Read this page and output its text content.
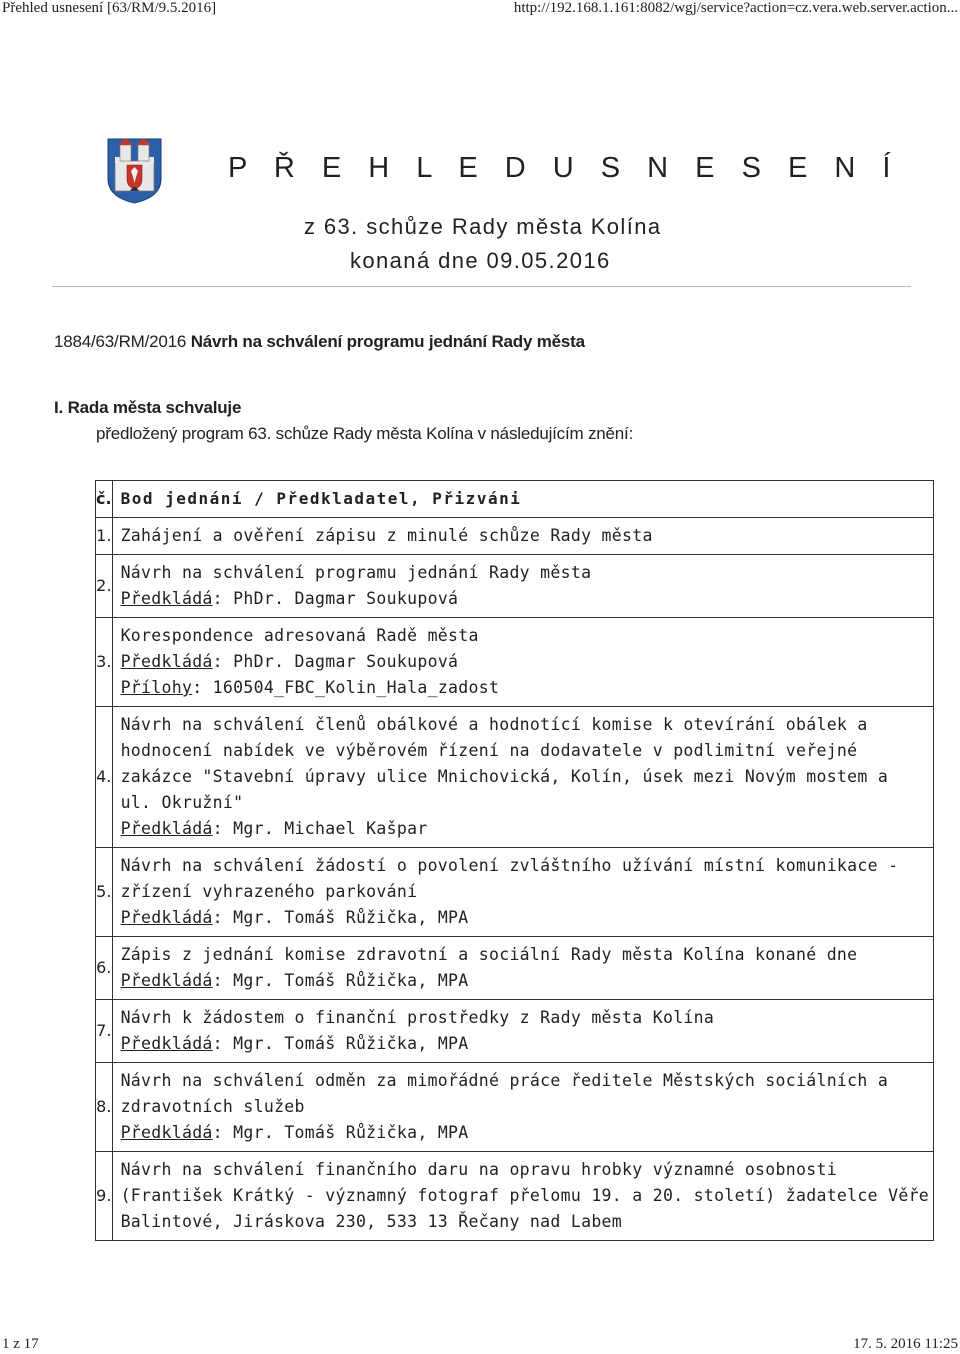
Přehled usnesení [63/RM/9.5.2016]	http://192.168.1.161:8082/wgj/service?action=cz.vera.web.server.action...
P Ř E H L E D U S N E S E N Í
z 63. schůze Rady města Kolína
konaná dne 09.05.2016
1884/63/RM/2016 Návrh na schválení programu jednání Rady města
I. Rada města schvaluje
předložený program 63. schůze Rady města Kolína v následujícím znění:
č.	Bod jednání / Předkladatel, Přizváni
1.	Zahájení a ověření zápisu z minulé schůze Rady města

2.	Návrh na schválení programu jednání Rady města
Předkládá: PhDr. Dagmar Soukupová

3.	Korespondence adresovaná Radě města
Předkládá: PhDr. Dagmar Soukupová
Přílohy: 160504_FBC_Kolin_Hala_zadost

4.	Návrh na schválení členů obálkové a hodnotící komise k otevírání obálek a
hodnocení nabídek ve výběrovém řízení na dodavatele v podlimitní veřejné
zakázce "Stavební úpravy ulice Mnichovická, Kolín, úsek mezi Novým mostem a
ul. Okružní"
Předkládá: Mgr. Michael Kašpar

5.	Návrh na schválení žádostí o povolení zvláštního užívání místní komunikace -
zřízení vyhrazeného parkování
Předkládá: Mgr. Tomáš Růžička, MPA

6.	Zápis z jednání komise zdravotní a sociální Rady města Kolína konané dne
Předkládá: Mgr. Tomáš Růžička, MPA

7.	Návrh k žádostem o finanční prostředky z Rady města Kolína
Předkládá: Mgr. Tomáš Růžička, MPA

8.	Návrh na schválení odměn za mimořádné práce ředitele Městských sociálních a
zdravotních služeb
Předkládá: Mgr. Tomáš Růžička, MPA

9.	Návrh na schválení finančního daru na opravu hrobky významné osobnosti
(František Krátký - významný fotograf přelomu 19. a 20. století) žadatelce Věře
Balintové, Jiráskova 230, 533 13 Řečany nad Labem
1 z 17	17. 5. 2016 11:25
